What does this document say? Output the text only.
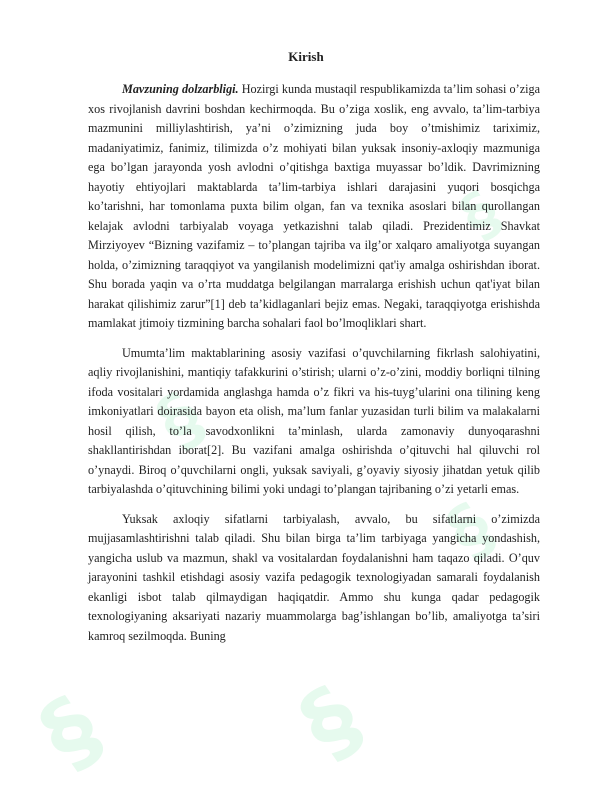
§ §
§
§
§
Kirish

Mavzuning dolzarbligi. Hozirgi kunda mustaqil respublikamizda ta’lim sohasi o’ziga xos rivojlanish davrini boshdan kechirmoqda. Bu o’ziga xoslik, eng avvalo, ta’lim-tarbiya mazmunini milliylashtirish, ya’ni o’zimizning juda boy o’tmishimiz tariximiz, madaniyatimiz, fanimiz, tilimizda o’z mohiyati bilan yuksak insoniy-axloqiy mazmuniga ega bo’lgan jarayonda yosh avlodni o’qitishga baxtiga muyassar bo’ldik. Davrimizning hayotiy ehtiyojlari maktablarda ta’lim-tarbiya ishlari darajasini yuqori bosqichga ko’tarishni, har tomonlama puxta bilim olgan, fan va texnika asoslari bilan qurollangan kelajak avlodni tarbiyalab voyaga yetkazishni talab qiladi. Prezidentimiz Shavkat Mirziyoyev “Bizning vazifamiz – to’plangan tajriba va ilg’or xalqaro amaliyotga suyangan holda, o’zimizning taraqqiyot va yangilanish modelimizni qat'iy amalga oshirishdan iborat. Shu borada yaqin va o’rta muddatga belgilangan marralarga erishish uchun qat'iyat bilan harakat qilishimiz zarur”[1] deb ta’kidlaganlari bejiz emas. Negaki, taraqqiyotga erishishda mamlakat jtimoiy tizmining barcha sohalari faol bo’lmoqliklari shart.

Umumta’lim maktablarining asosiy vazifasi o’quvchilarning fikrlash salohiyatini, aqliy rivojlanishini, mantiqiy tafakkurini o’stirish; ularni o’z-o’zini, moddiy borliqni tilning ifoda vositalari yordamida anglashga hamda o’z fikri va his-tuyg’ularini ona tilining keng imkoniyatlari doirasida bayon eta olish, ma’lum fanlar yuzasidan turli bilim va malakalarni hosil qilish, to’la savodxonlikni ta’minlash, ularda zamonaviy dunyoqarashni shakllantirishdan iborat[2]. Bu vazifani amalga oshirishda o’qituvchi hal qiluvchi rol o’ynaydi. Biroq o’quvchilarni ongli, yuksak saviyali, g’oyaviy siyosiy jihatdan yetuk qilib tarbiyalashda o’qituvchining bilimi yoki undagi to’plangan tajribaning o’zi yetarli emas.

Yuksak axloqiy sifatlarni tarbiyalash, avvalo, bu sifatlarni o’zimizda mujjasamlashtirishni talab qiladi. Shu bilan birga ta’lim tarbiyaga yangicha yondashish, yangicha uslub va mazmun, shakl va vositalardan foydalanishni ham taqazo qiladi. O’quv jarayonini tashkil etishdagi asosiy vazifa pedagogik texnologiyadan samarali foydalanish ekanligi isbot talab qilmaydigan haqiqatdir. Ammo shu kunga qadar pedagogik texnologiyaning aksariyati nazariy muammolarga bag’ishlangan bo’lib, amaliyotga ta’siri kamroq sezilmoqda. Buning
